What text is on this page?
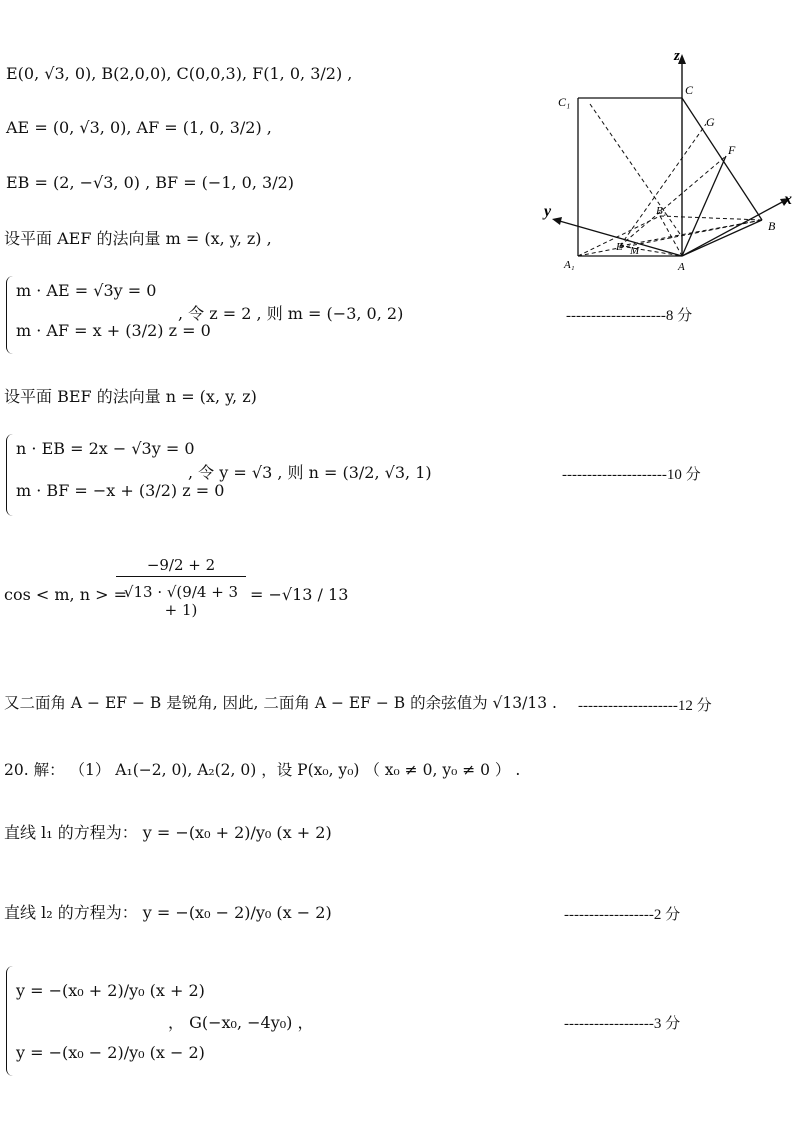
E(0, √3, 0), B(2,0,0), C(0,0,3), F(1, 0, 3/2) ,
AE = (0, √3, 0), AF = (1, 0, 3/2) ,
EB = (2, −√3, 0) , BF = (−1, 0, 3/2)
设平面 AEF 的法向量 m = (x, y, z) ,
m · AE = √3y = 0
m · AF = x + (3/2) z = 0
, 令 z = 2 , 则 m = (−3, 0, 2)	--------------------8 分
设平面 BEF 的法向量 n = (x, y, z)
n · EB = 2x − √3y = 0
m · BF = −x + (3/2) z = 0
, 令 y = √3 , 则 n = (3/2, √3, 1)	---------------------10 分
cos < m, n > =
$\frac{-9/2 + 2}{√13 \cdot √(9/4 + 3 + 1)} = -√13 / 13$
又二面角 A − EF − B 是锐角, 因此, 二面角 A − EF − B 的余弦值为 √13/13 . --------------------12 分
20. 解： （1） A₁(−2, 0), A₂(2, 0) ，设 P(x₀, y₀) （ x₀ ≠ 0, y₀ ≠ 0 ） .
直线 l₁ 的方程为： y = −(x₀ + 2)/y₀ (x + 2)
直线 l₂ 的方程为： y = −(x₀ − 2)/y₀ (x − 2)	------------------2 分
y = −(x₀ + 2)/y₀ (x + 2)
y = −(x₀ − 2)/y₀ (x − 2)
， G(−x₀, −4y₀) ，	------------------3 分
z
x
y
C₁
C
G
F
B₁
B
E M
A₁	A
